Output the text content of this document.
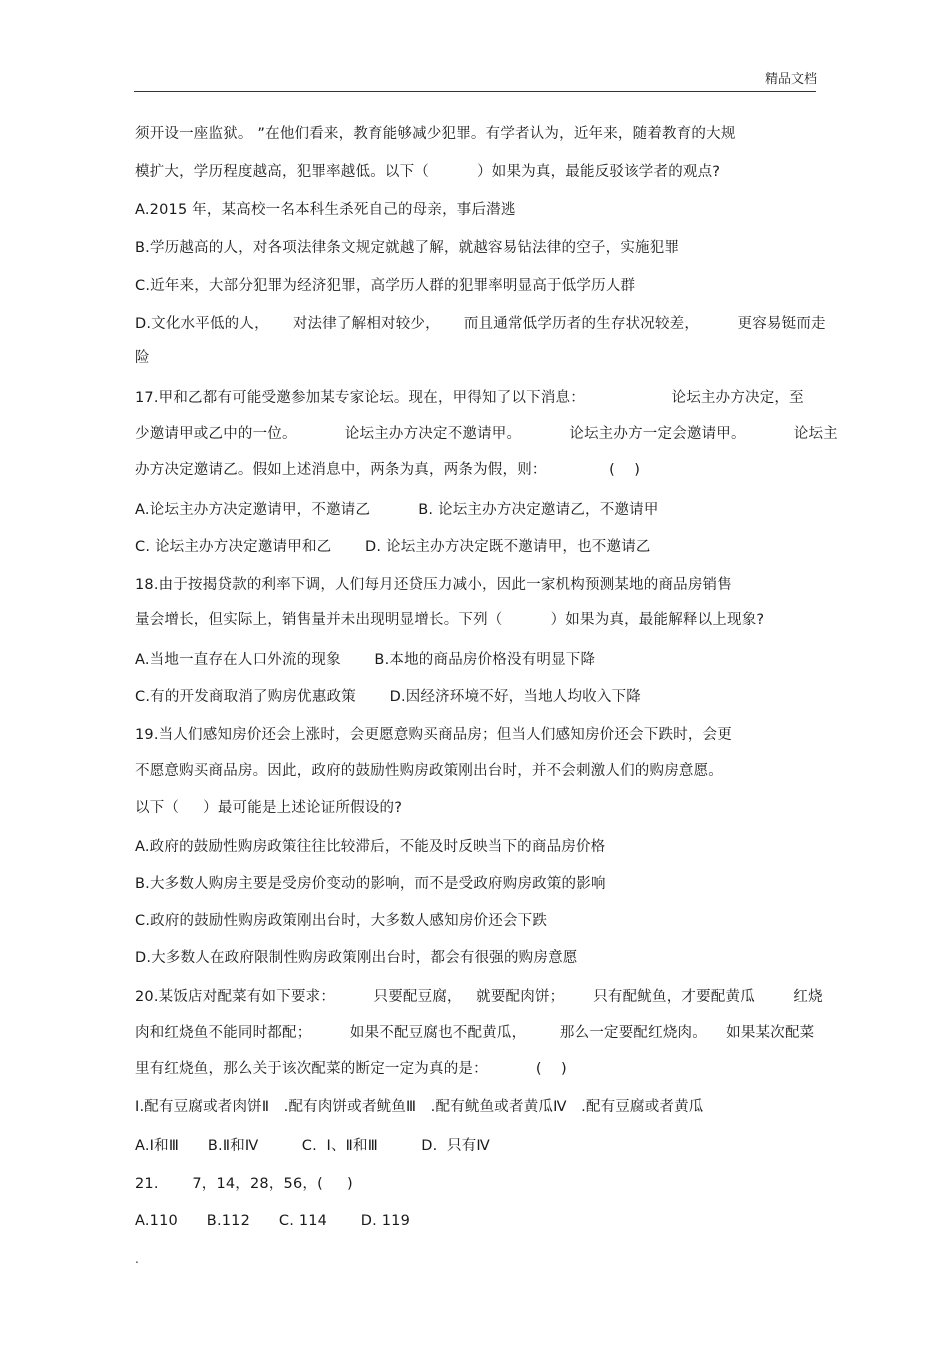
精品文档
须开设一座监狱。 ”在他们看来，教育能够减少犯罪。有学者认为，近年来，随着教育的大规
模扩大，学历程度越高，犯罪率越低。以下（          ）如果为真，最能反驳该学者的观点?
A.2015 年，某高校一名本科生杀死自己的母亲，事后潜逃
B.学历越高的人，对各项法律条文规定就越了解，就越容易钻法律的空子，实施犯罪
C.近年来，大部分犯罪为经济犯罪，高学历人群的犯罪率明显高于低学历人群
D.文化水平低的人，     对法律了解相对较少，     而且通常低学历者的生存状况较差，        更容易铤而走
险
17.甲和乙都有可能受邀参加某专家论坛。现在，甲得知了以下消息：                  论坛主办方决定，至
少邀请甲或乙中的一位。          论坛主办方决定不邀请甲。          论坛主办方一定会邀请甲。          论坛主
办方决定邀请乙。假如上述消息中，两条为真，两条为假，则：             (    )
A.论坛主办方决定邀请甲，不邀请乙          B. 论坛主办方决定邀请乙，不邀请甲
C. 论坛主办方决定邀请甲和乙       D. 论坛主办方决定既不邀请甲，也不邀请乙
18.由于按揭贷款的利率下调，人们每月还贷压力减小，因此一家机构预测某地的商品房销售
量会增长，但实际上，销售量并未出现明显增长。下列（          ）如果为真，最能解释以上现象?
A.当地一直存在人口外流的现象       B.本地的商品房价格没有明显下降
C.有的开发商取消了购房优惠政策       D.因经济环境不好，当地人均收入下降
19.当人们感知房价还会上涨时，会更愿意购买商品房；但当人们感知房价还会下跌时，会更
不愿意购买商品房。因此，政府的鼓励性购房政策刚出台时，并不会刺激人们的购房意愿。
以下（     ）最可能是上述论证所假设的?
A.政府的鼓励性购房政策往往比较滞后，不能及时反映当下的商品房价格
B.大多数人购房主要是受房价变动的影响，而不是受政府购房政策的影响
C.政府的鼓励性购房政策刚出台时，大多数人感知房价还会下跌
D.大多数人在政府限制性购房政策刚出台时，都会有很强的购房意愿
20.某饭店对配菜有如下要求：        只要配豆腐，   就要配肉饼；      只有配鱿鱼，才要配黄瓜        红烧
肉和红烧鱼不能同时都配；        如果不配豆腐也不配黄瓜，       那么一定要配红烧肉。    如果某次配菜
里有红烧鱼，那么关于该次配菜的断定一定为真的是：          (    )
Ⅰ.配有豆腐或者肉饼Ⅱ   .配有肉饼或者鱿鱼Ⅲ   .配有鱿鱼或者黄瓜Ⅳ   .配有豆腐或者黄瓜
A.Ⅰ和Ⅲ      B.Ⅱ和Ⅳ         C.  Ⅰ、Ⅱ和Ⅲ         D.  只有Ⅳ
21.       7，14，28，56，(     )
A.110      B.112      C. 114       D. 119
.
